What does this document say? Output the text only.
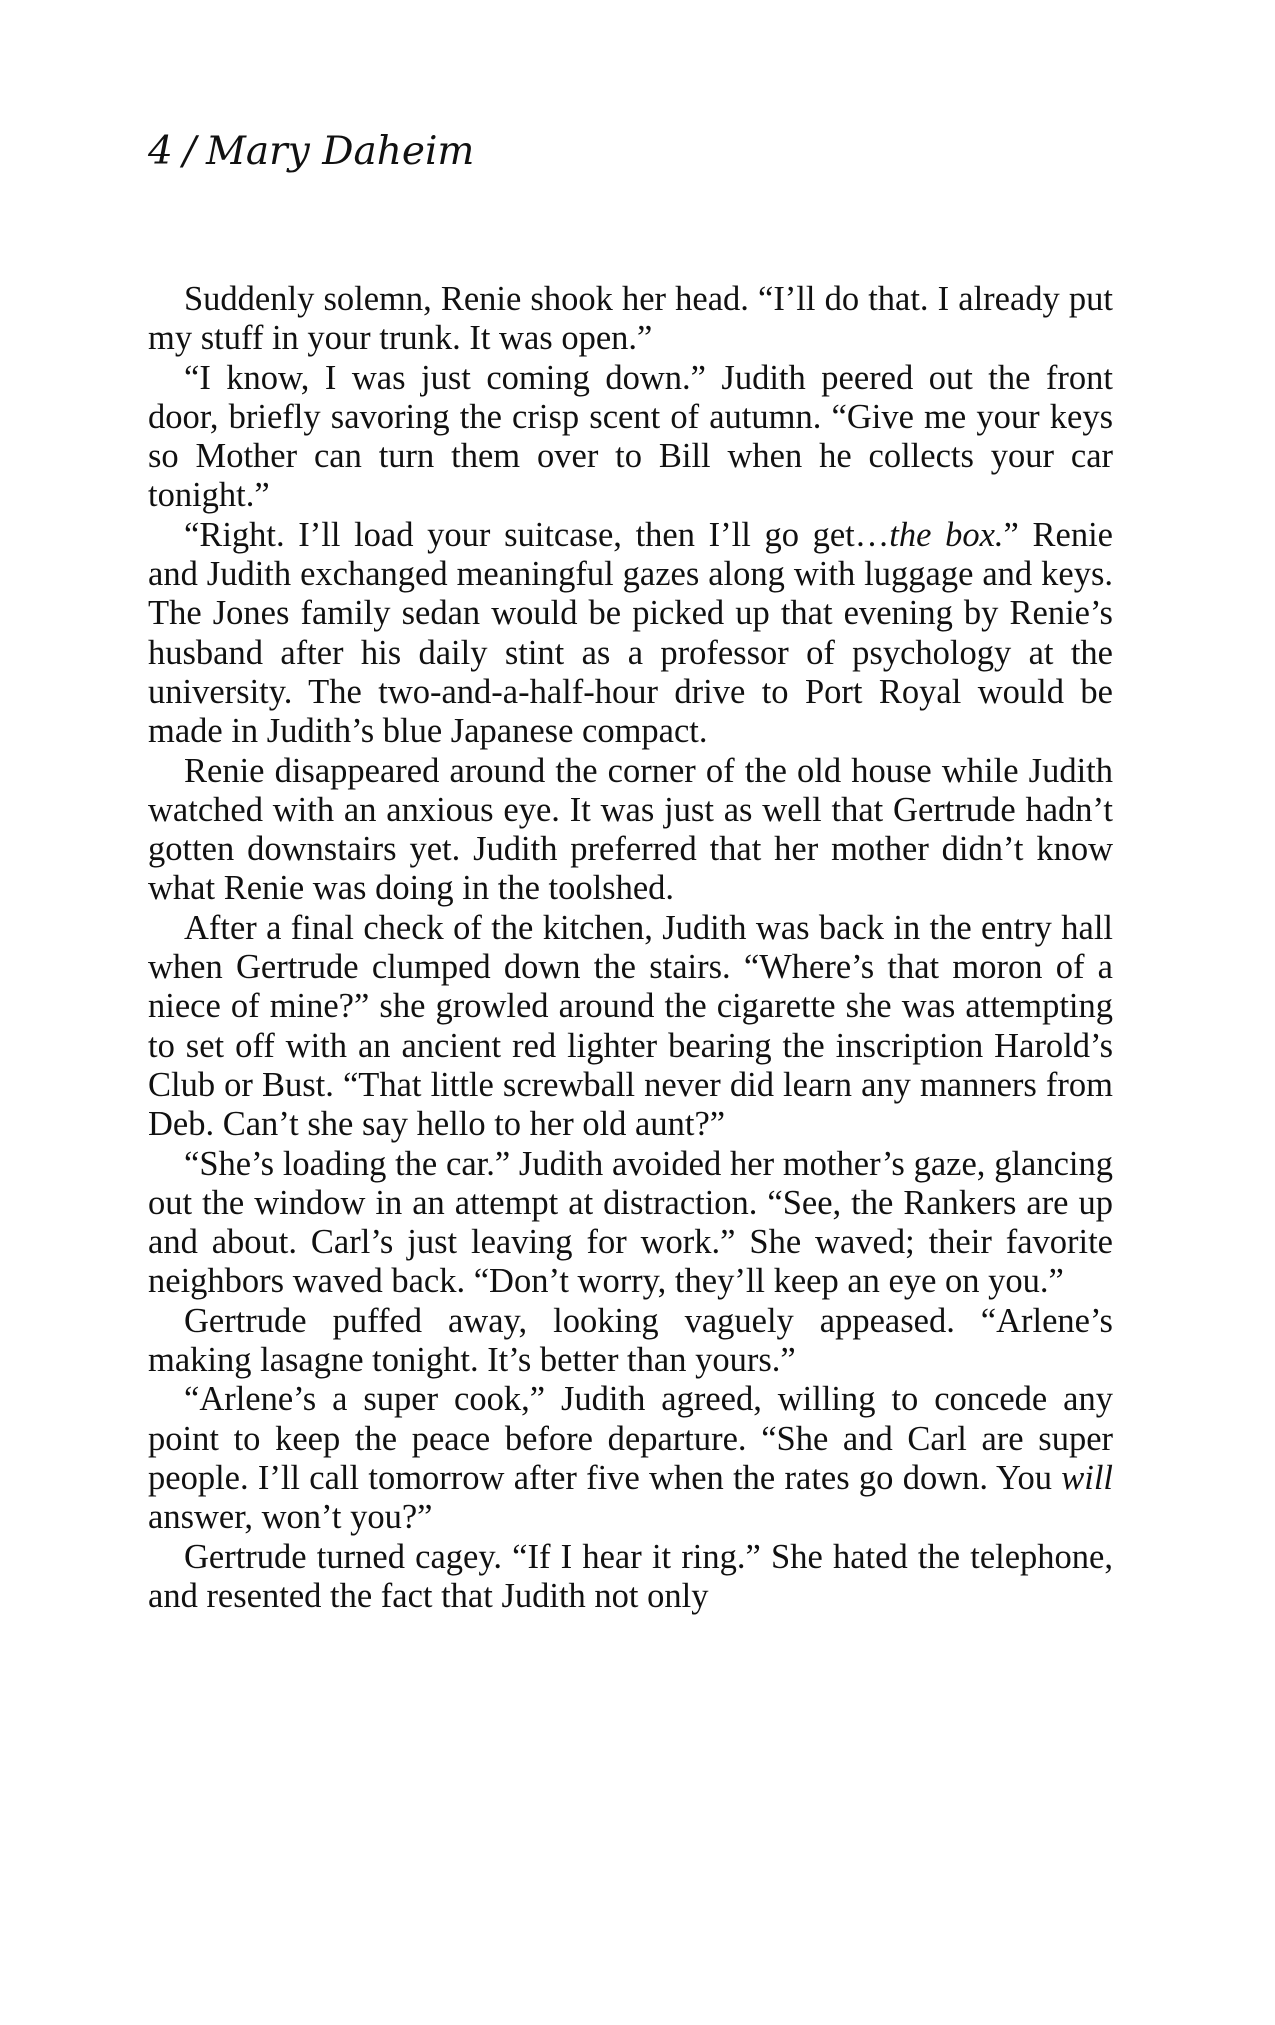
4 / Mary Daheim

Suddenly solemn, Renie shook her head. “I’ll do that. I already put my stuff in your trunk. It was open.”

“I know, I was just coming down.” Judith peered out the front door, briefly savoring the crisp scent of autumn. “Give me your keys so Mother can turn them over to Bill when he collects your car tonight.”

“Right. I’ll load your suitcase, then I’ll go get…the box.” Renie and Judith exchanged meaningful gazes along with luggage and keys. The Jones family sedan would be picked up that evening by Renie’s husband after his daily stint as a professor of psychology at the university. The two-and-a-half-hour drive to Port Royal would be made in Judith’s blue Japanese compact.

Renie disappeared around the corner of the old house while Judith watched with an anxious eye. It was just as well that Gertrude hadn’t gotten downstairs yet. Judith preferred that her mother didn’t know what Renie was doing in the toolshed.

After a final check of the kitchen, Judith was back in the entry hall when Gertrude clumped down the stairs. “Where’s that moron of a niece of mine?” she growled around the cigarette she was attempting to set off with an ancient red lighter bearing the inscription Harold’s Club or Bust. “That little screwball never did learn any manners from Deb. Can’t she say hello to her old aunt?”

“She’s loading the car.” Judith avoided her mother’s gaze, glancing out the window in an attempt at distraction. “See, the Rankers are up and about. Carl’s just leaving for work.” She waved; their favorite neighbors waved back. “Don’t worry, they’ll keep an eye on you.”

Gertrude puffed away, looking vaguely appeased. “Arlene’s making lasagne tonight. It’s better than yours.”

“Arlene’s a super cook,” Judith agreed, willing to concede any point to keep the peace before departure. “She and Carl are super people. I’ll call tomorrow after five when the rates go down. You will answer, won’t you?”

Gertrude turned cagey. “If I hear it ring.” She hated the telephone, and resented the fact that Judith not only
